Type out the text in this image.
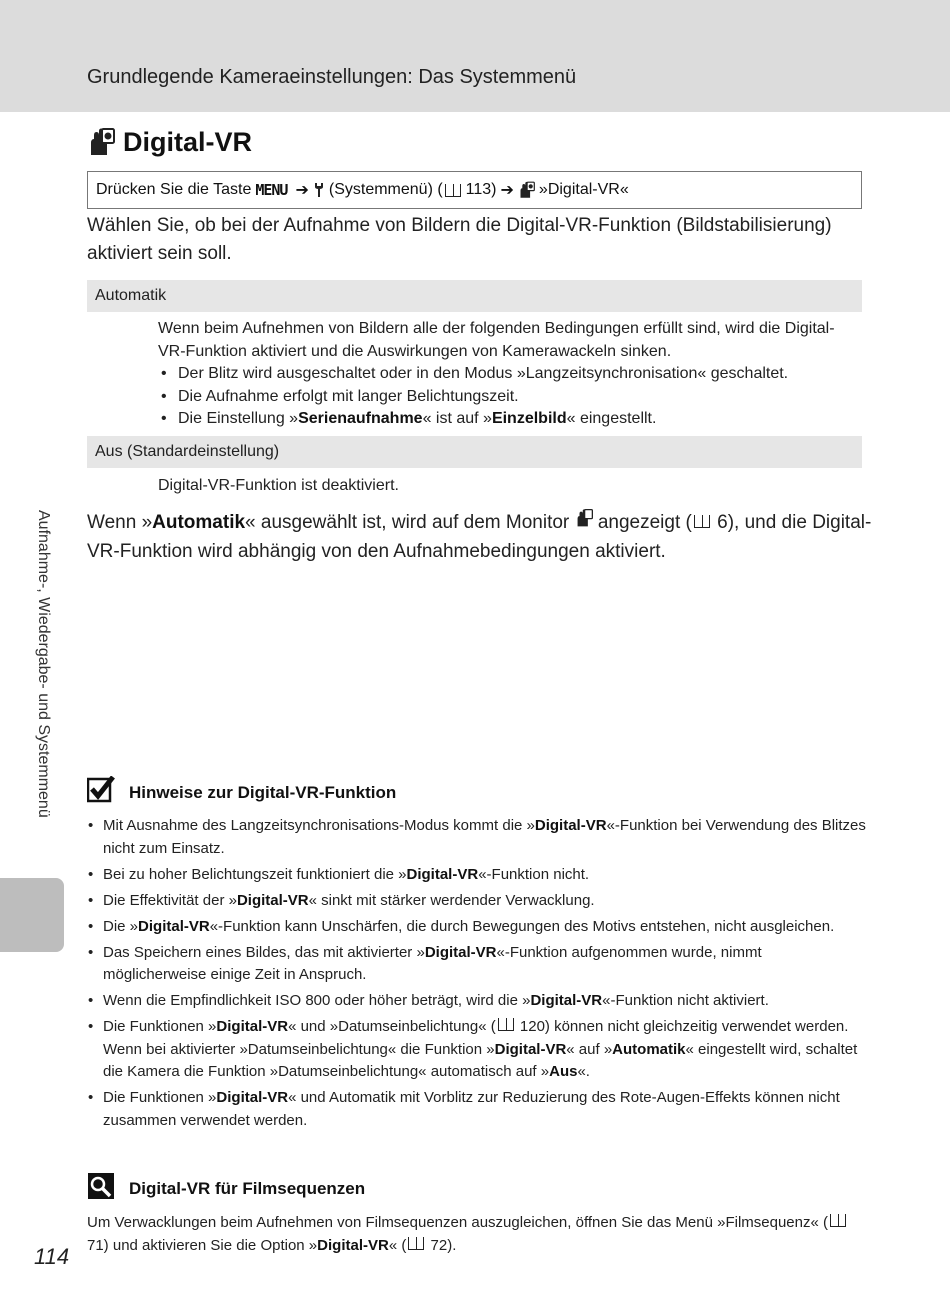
Grundlegende Kameraeinstellungen: Das Systemmenü
Digital-VR
Drücken Sie die Taste MENU ➔ (Systemmenü) ( 113) ➔ »Digital-VR«
Wählen Sie, ob bei der Aufnahme von Bildern die Digital-VR-Funktion (Bildstabilisierung) aktiviert sein soll.
Automatik
Wenn beim Aufnehmen von Bildern alle der folgenden Bedingungen erfüllt sind, wird die Digital-VR-Funktion aktiviert und die Auswirkungen von Kamerawackeln sinken.
• Der Blitz wird ausgeschaltet oder in den Modus »Langzeitsynchronisation« geschaltet.
• Die Aufnahme erfolgt mit langer Belichtungszeit.
• Die Einstellung »Serienaufnahme« ist auf »Einzelbild« eingestellt.
Aus (Standardeinstellung)
Digital-VR-Funktion ist deaktiviert.
Wenn »Automatik« ausgewählt ist, wird auf dem Monitor angezeigt ( 6), und die Digital-VR-Funktion wird abhängig von den Aufnahmebedingungen aktiviert.
Aufnahme-, Wiedergabe- und Systemmenü	Hinweise zur Digital-VR-Funktion
• Mit Ausnahme des Langzeitsynchronisations-Modus kommt die »Digital-VR«-Funktion bei Verwendung des Blitzes nicht zum Einsatz.
• Bei zu hoher Belichtungszeit funktioniert die »Digital-VR«-Funktion nicht.
• Die Effektivität der »Digital-VR« sinkt mit stärker werdender Verwacklung.
• Die »Digital-VR«-Funktion kann Unschärfen, die durch Bewegungen des Motivs entstehen, nicht ausgleichen.
• Das Speichern eines Bildes, das mit aktivierter »Digital-VR«-Funktion aufgenommen wurde, nimmt möglicherweise einige Zeit in Anspruch.
• Wenn die Empfindlichkeit ISO 800 oder höher beträgt, wird die »Digital-VR«-Funktion nicht aktiviert.
• Die Funktionen »Digital-VR« und »Datumseinbelichtung« ( 120) können nicht gleichzeitig verwendet werden. Wenn bei aktivierter »Datumseinbelichtung« die Funktion »Digital-VR« auf »Automatik« eingestellt wird, schaltet die Kamera die Funktion »Datumseinbelichtung« automatisch auf »Aus«.
• Die Funktionen »Digital-VR« und Automatik mit Vorblitz zur Reduzierung des Rote-Augen-Effekts können nicht zusammen verwendet werden.
Digital-VR für Filmsequenzen
Um Verwacklungen beim Aufnehmen von Filmsequenzen auszugleichen, öffnen Sie das Menü »Filmsequenz« ( 71) und aktivieren Sie die Option »Digital-VR« ( 72).
114
